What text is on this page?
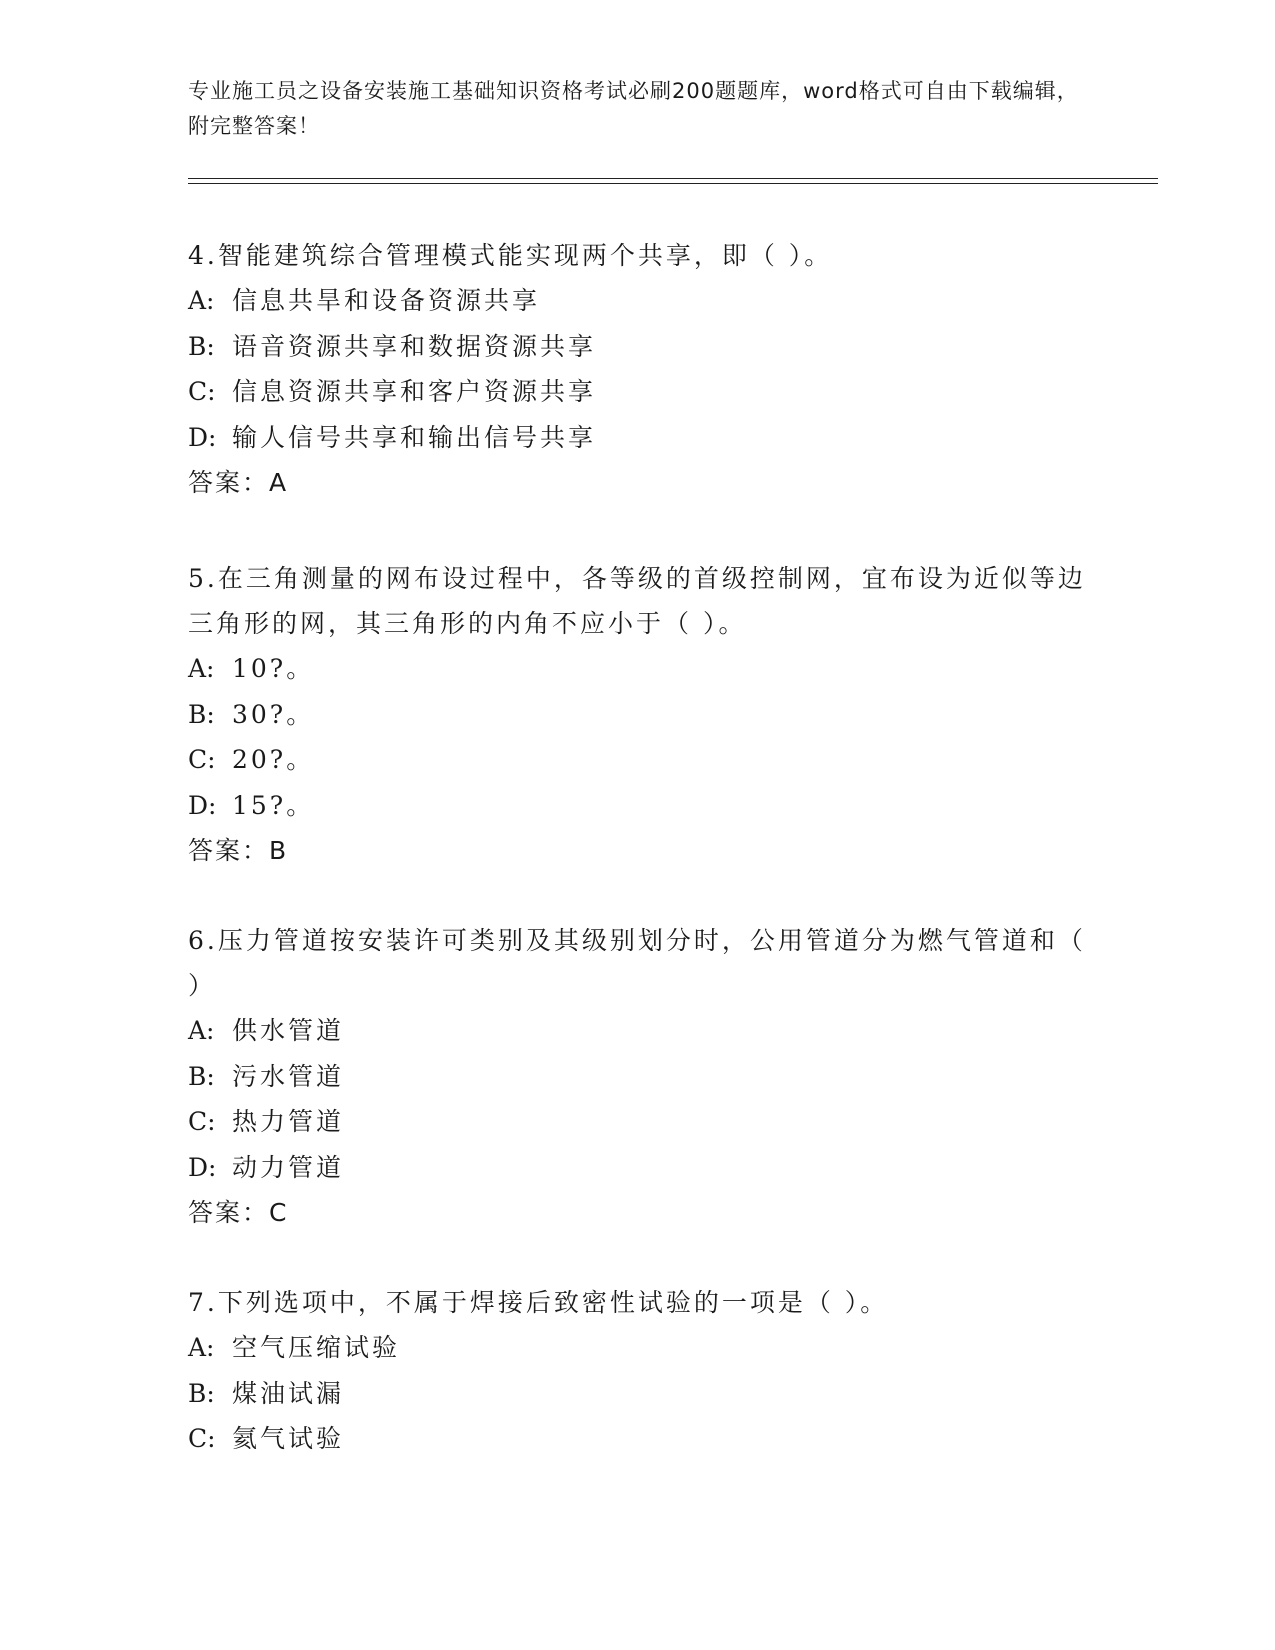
专业施工员之设备安装施工基础知识资格考试必刷200题题库，word格式可自由下载编辑，附完整答案！

4.智能建筑综合管理模式能实现两个共享，即（ ）。

A: 信息共旱和设备资源共享

B: 语音资源共享和数据资源共享

C: 信息资源共享和客户资源共享

D: 输人信号共享和输出信号共享

答案：A

5.在三角测量的网布设过程中，各等级的首级控制网，宜布设为近似等边三角形的网，其三角形的内角不应小于（ ）。

A: 10?。

B: 30?。

C: 20?。

D: 15?。

答案：B

6.压力管道按安装许可类别及其级别划分时，公用管道分为燃气管道和（ ）

A: 供水管道

B: 污水管道

C: 热力管道

D: 动力管道

答案：C

7.下列选项中，不属于焊接后致密性试验的一项是（ ）。

A: 空气压缩试验

B: 煤油试漏

C: 氦气试验
